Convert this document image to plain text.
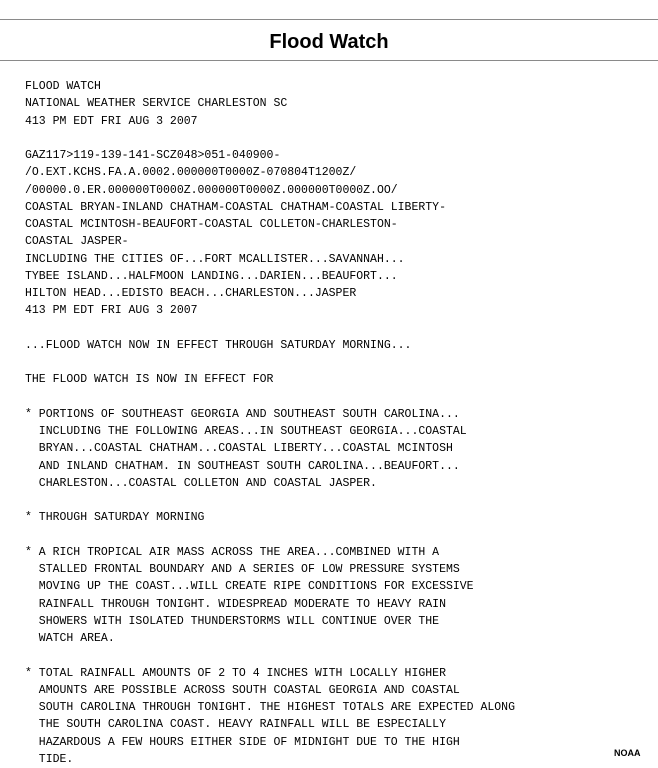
Flood Watch
FLOOD WATCH
NATIONAL WEATHER SERVICE CHARLESTON SC
413 PM EDT FRI AUG 3 2007

GAZ117>119-139-141-SCZ048>051-040900-
/O.EXT.KCHS.FA.A.0002.000000T0000Z-070804T1200Z/
/00000.0.ER.000000T0000Z.000000T0000Z.000000T0000Z.OO/
COASTAL BRYAN-INLAND CHATHAM-COASTAL CHATHAM-COASTAL LIBERTY-
COASTAL MCINTOSH-BEAUFORT-COASTAL COLLETON-CHARLESTON-
COASTAL JASPER-
INCLUDING THE CITIES OF...FORT MCALLISTER...SAVANNAH...
TYBEE ISLAND...HALFMOON LANDING...DARIEN...BEAUFORT...
HILTON HEAD...EDISTO BEACH...CHARLESTON...JASPER
413 PM EDT FRI AUG 3 2007

...FLOOD WATCH NOW IN EFFECT THROUGH SATURDAY MORNING...

THE FLOOD WATCH IS NOW IN EFFECT FOR

* PORTIONS OF SOUTHEAST GEORGIA AND SOUTHEAST SOUTH CAROLINA...
INCLUDING THE FOLLOWING AREAS...IN SOUTHEAST GEORGIA...COASTAL
BRYAN...COASTAL CHATHAM...COASTAL LIBERTY...COASTAL MCINTOSH
AND INLAND CHATHAM. IN SOUTHEAST SOUTH CAROLINA...BEAUFORT...
CHARLESTON...COASTAL COLLETON AND COASTAL JASPER.

* THROUGH SATURDAY MORNING

* A RICH TROPICAL AIR MASS ACROSS THE AREA...COMBINED WITH A
STALLED FRONTAL BOUNDARY AND A SERIES OF LOW PRESSURE SYSTEMS
MOVING UP THE COAST...WILL CREATE RIPE CONDITIONS FOR EXCESSIVE
RAINFALL THROUGH TONIGHT. WIDESPREAD MODERATE TO HEAVY RAIN
SHOWERS WITH ISOLATED THUNDERSTORMS WILL CONTINUE OVER THE
WATCH AREA.

* TOTAL RAINFALL AMOUNTS OF 2 TO 4 INCHES WITH LOCALLY HIGHER
AMOUNTS ARE POSSIBLE ACROSS SOUTH COASTAL GEORGIA AND COASTAL
SOUTH CAROLINA THROUGH TONIGHT. THE HIGHEST TOTALS ARE EXPECTED ALONG
THE SOUTH CAROLINA COAST. HEAVY RAINFALL WILL BE ESPECIALLY
HAZARDOUS A FEW HOURS EITHER SIDE OF MIDNIGHT DUE TO THE HIGH
TIDE.	NOAA
